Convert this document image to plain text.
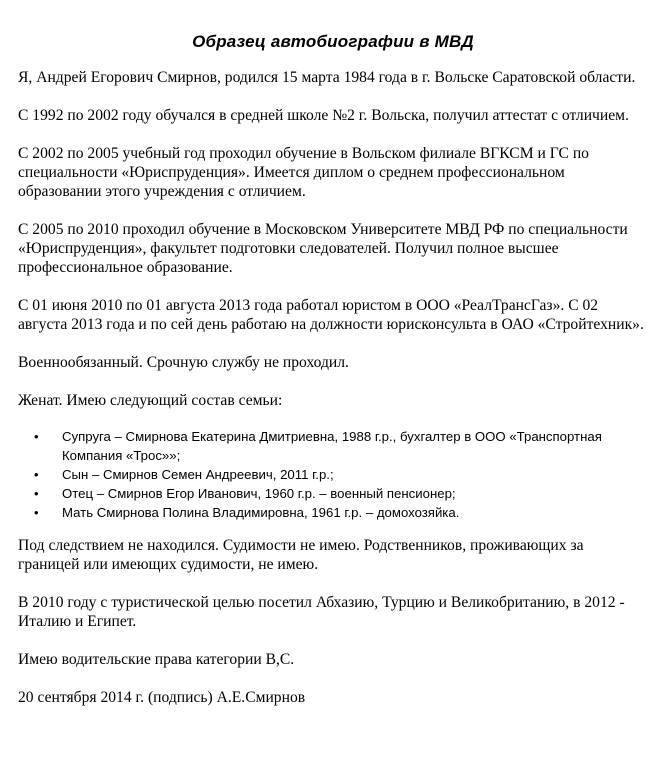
Образец автобиографии в МВД

Я, Андрей Егорович Смирнов, родился 15 марта 1984 года в г. Вольске Саратовской области.

С 1992 по 2002 году обучался в средней школе №2 г. Вольска, получил аттестат с отличием.

С 2002 по 2005 учебный год проходил обучение в Вольском филиале ВГКСМ и ГС по специальности «Юриспруденция». Имеется диплом о среднем профессиональном образовании этого учреждения с отличием.

С 2005 по 2010 проходил обучение в Московском Университете МВД РФ по специальности «Юриспруденция», факультет подготовки следователей. Получил полное высшее профессиональное образование.

С 01 июня 2010 по 01 августа 2013 года работал юристом в ООО «РеалТрансГаз». С 02 августа 2013 года и по сей день работаю на должности юрисконсульта в ОАО «Стройтехник».

Военнообязанный. Срочную службу не проходил.

Женат. Имею следующий состав семьи:

• Супруга – Смирнова Екатерина Дмитриевна, 1988 г.р., бухгалтер в ООО «Транспортная Компания «Трос»»;
• Сын – Смирнов Семен Андреевич, 2011 г.р.;
• Отец – Смирнов Егор Иванович, 1960 г.р. – военный пенсионер;
• Мать Смирнова Полина Владимировна, 1961 г.р. – домохозяйка.

Под следствием не находился. Судимости не имею. Родственников, проживающих за границей или имеющих судимости, не имею.

В 2010 году с туристической целью посетил Абхазию, Турцию и Великобританию, в 2012 - Италию и Египет.

Имею водительские права категории В,С.

20 сентября 2014 г. (подпись) А.Е.Смирнов
